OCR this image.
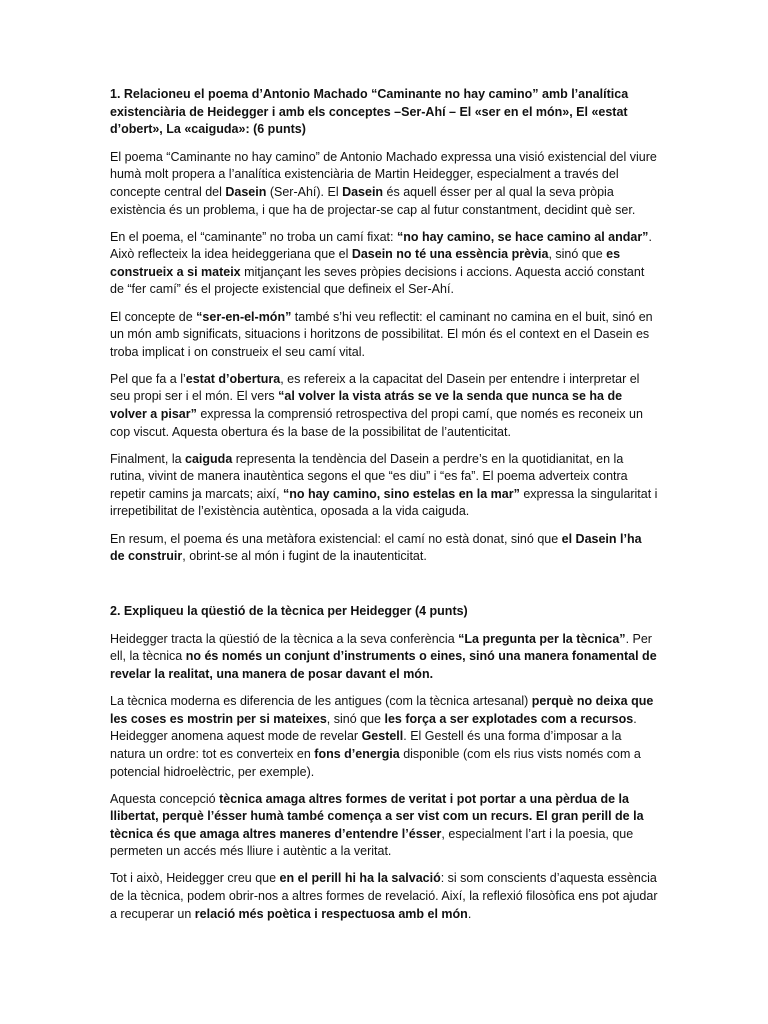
1. Relacioneu el poema d’Antonio Machado “Caminante no hay camino” amb l’analítica existenciària de Heidegger i amb els conceptes –Ser-Ahí – El «ser en el món», El «estat d’obert», La «caiguda»: (6 punts)

El poema “Caminante no hay camino” de Antonio Machado expressa una visió existencial del viure humà molt propera a l’analítica existenciària de Martin Heidegger, especialment a través del concepte central del Dasein (Ser-Ahí). El Dasein és aquell ésser per al qual la seva pròpia existència és un problema, i que ha de projectar-se cap al futur constantment, decidint què ser.

En el poema, el “caminante” no troba un camí fixat: “no hay camino, se hace camino al andar”. Això reflecteix la idea heideggeriana que el Dasein no té una essència prèvia, sinó que es construeix a si mateix mitjançant les seves pròpies decisions i accions. Aquesta acció constant de “fer camí” és el projecte existencial que defineix el Ser-Ahí.

El concepte de “ser-en-el-món” també s’hi veu reflectit: el caminant no camina en el buit, sinó en un món amb significats, situacions i horitzons de possibilitat. El món és el context en el Dasein es troba implicat i on construeix el seu camí vital.

Pel que fa a l’estat d’obertura, es refereix a la capacitat del Dasein per entendre i interpretar el seu propi ser i el món. El vers “al volver la vista atrás se ve la senda que nunca se ha de volver a pisar” expressa la comprensió retrospectiva del propi camí, que només es reconeix un cop viscut. Aquesta obertura és la base de la possibilitat de l’autenticitat.

Finalment, la caiguda representa la tendència del Dasein a perdre’s en la quotidianitat, en la rutina, vivint de manera inautèntica segons el que “es diu” i “es fa”. El poema adverteix contra repetir camins ja marcats; així, “no hay camino, sino estelas en la mar” expressa la singularitat i irrepetibilitat de l’existència autèntica, oposada a la vida caiguda.

En resum, el poema és una metàfora existencial: el camí no està donat, sinó que el Dasein l’ha de construir, obrint-se al món i fugint de la inautenticitat.

2. Expliqueu la qüestió de la tècnica per Heidegger (4 punts)

Heidegger tracta la qüestió de la tècnica a la seva conferència “La pregunta per la tècnica”. Per ell, la tècnica no és només un conjunt d’instruments o eines, sinó una manera fonamental de revelar la realitat, una manera de posar davant el món.

La tècnica moderna es diferencia de les antigues (com la tècnica artesanal) perquè no deixa que les coses es mostrin per si mateixes, sinó que les força a ser explotades com a recursos. Heidegger anomena aquest mode de revelar Gestell. El Gestell és una forma d’imposar a la natura un ordre: tot es converteix en fons d’energia disponible (com els rius vists només com a potencial hidroelèctric, per exemple).

Aquesta concepció tècnica amaga altres formes de veritat i pot portar a una pèrdua de la llibertat, perquè l’ésser humà també comença a ser vist com un recurs. El gran perill de la tècnica és que amaga altres maneres d’entendre l’ésser, especialment l’art i la poesia, que permeten un accés més lliure i autèntic a la veritat.

Tot i això, Heidegger creu que en el perill hi ha la salvació: si som conscients d’aquesta essència de la tècnica, podem obrir-nos a altres formes de revelació. Així, la reflexió filosòfica ens pot ajudar a recuperar un relació més poètica i respectuosa amb el món.
